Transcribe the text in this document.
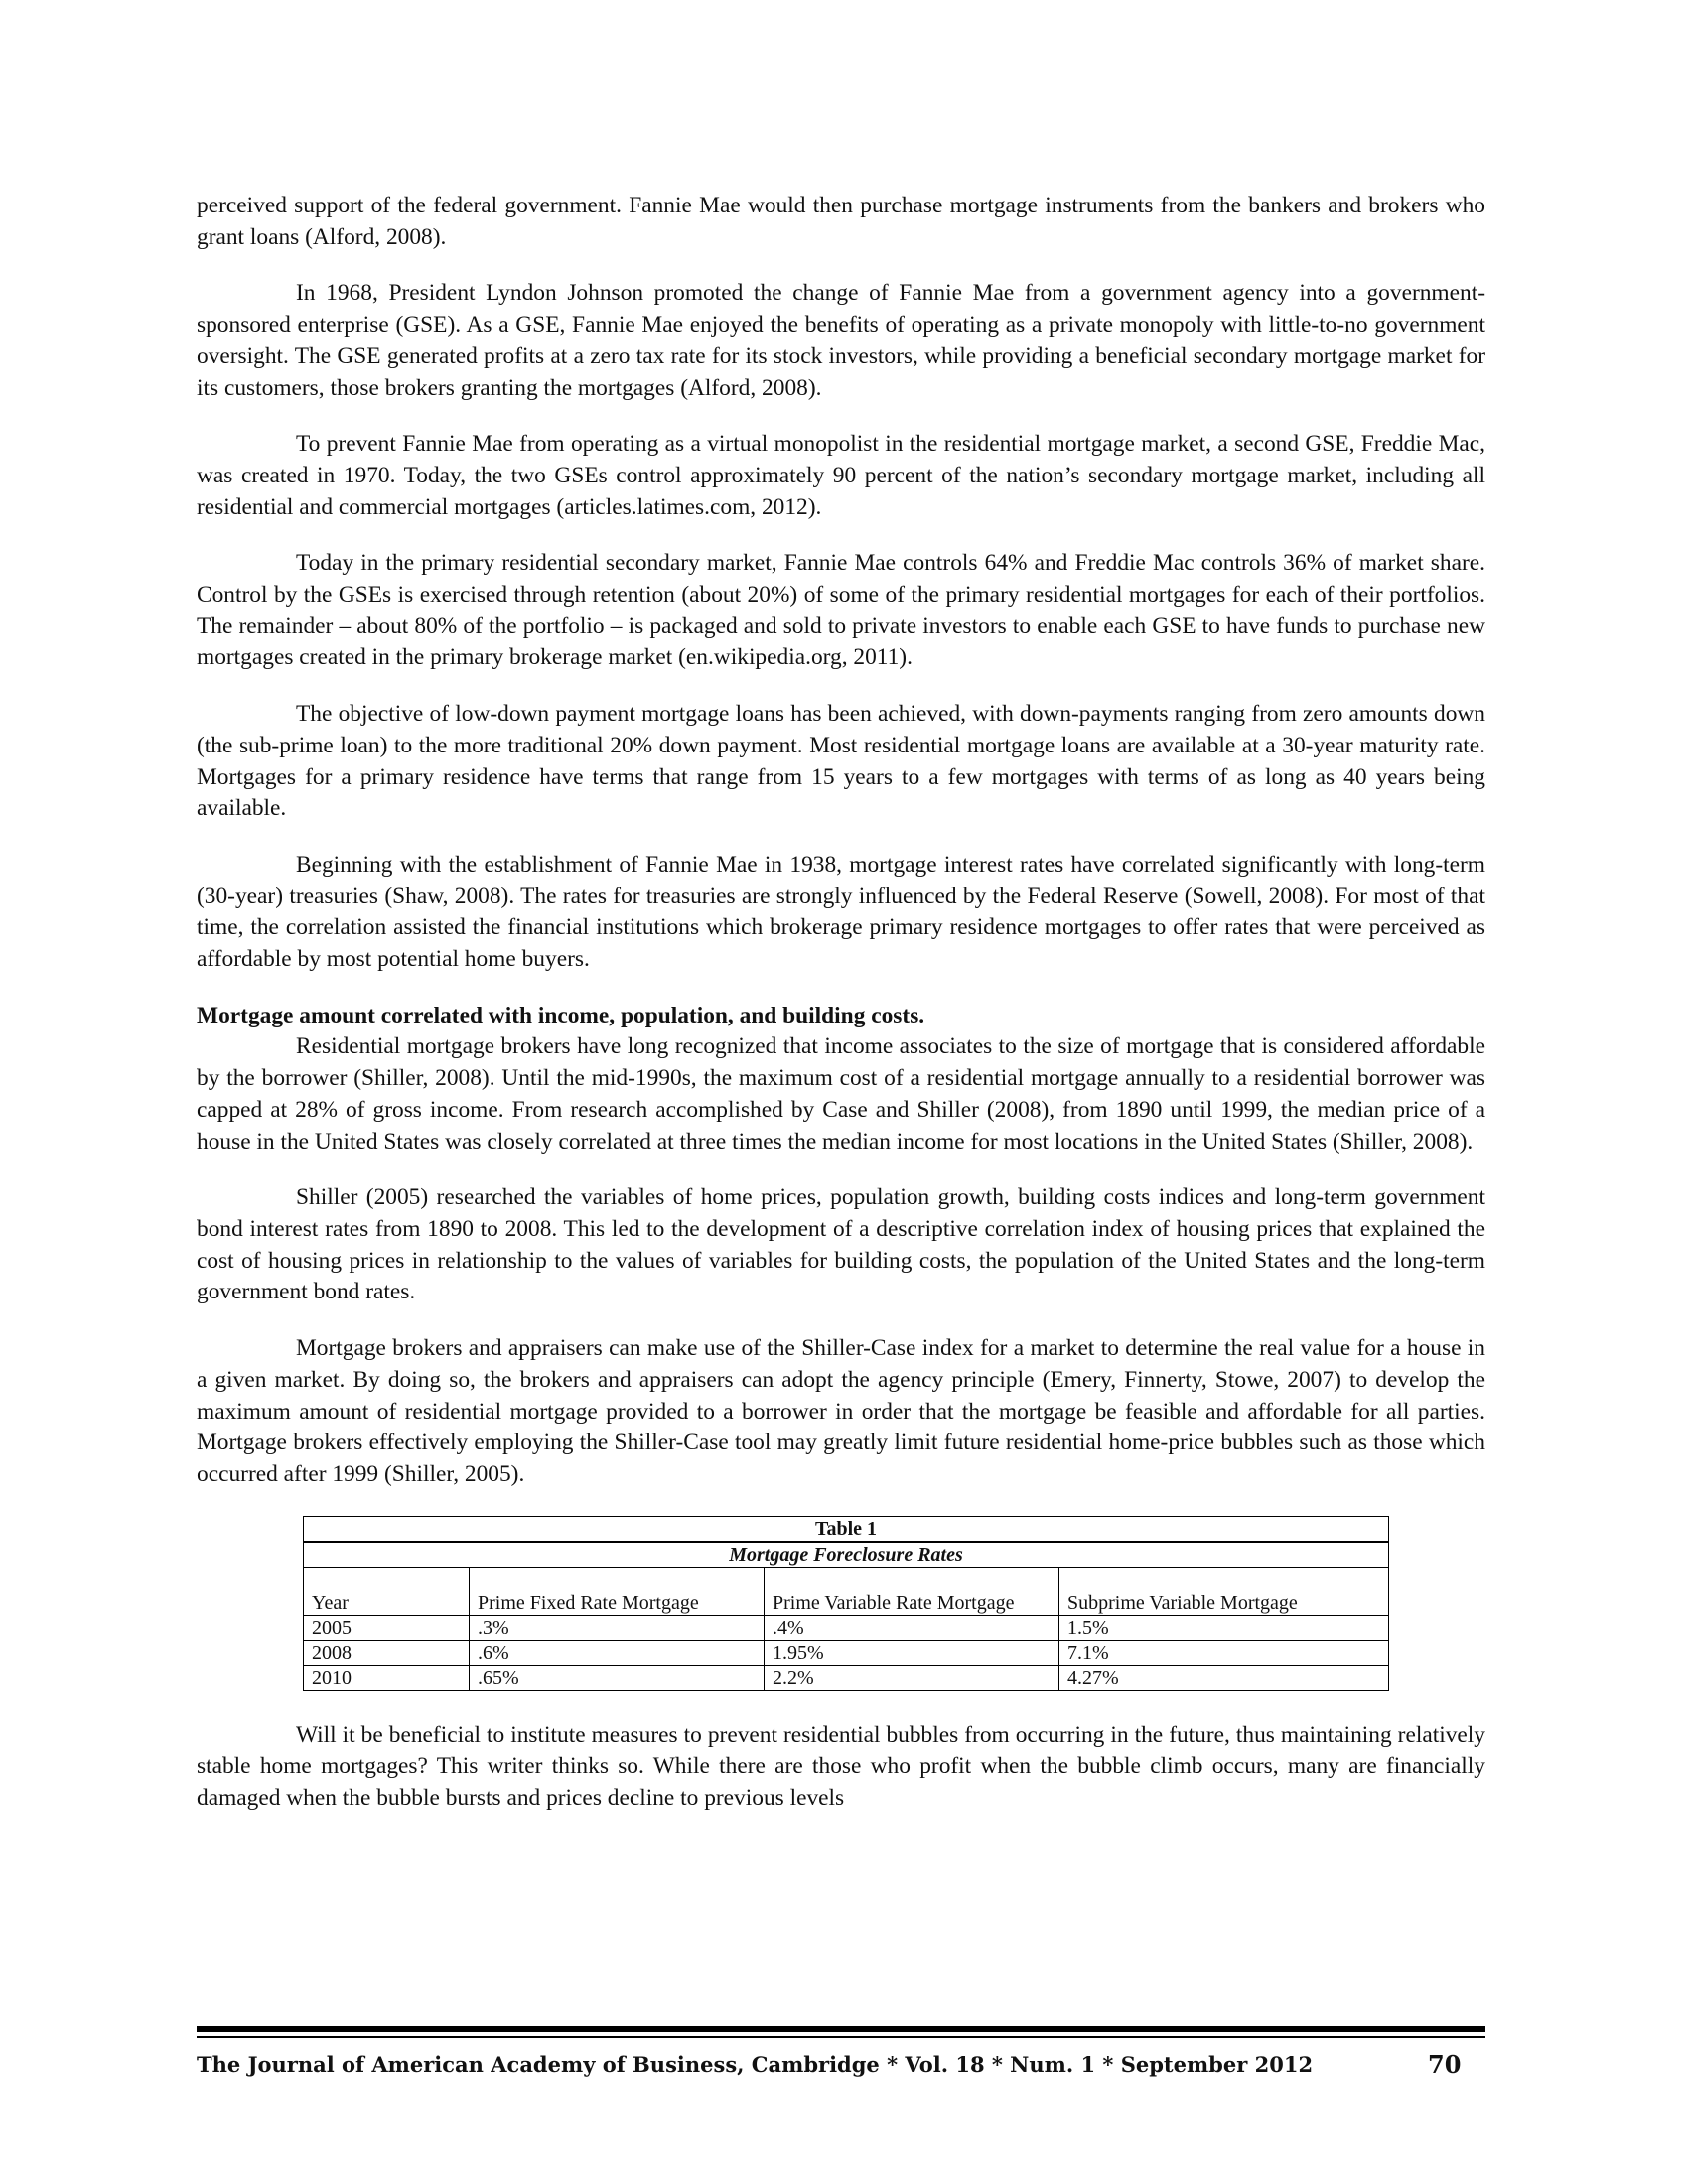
perceived support of the federal government. Fannie Mae would then purchase mortgage instruments from the bankers and brokers who grant loans (Alford, 2008).

In 1968, President Lyndon Johnson promoted the change of Fannie Mae from a government agency into a government-sponsored enterprise (GSE). As a GSE, Fannie Mae enjoyed the benefits of operating as a private monopoly with little-to-no government oversight. The GSE generated profits at a zero tax rate for its stock investors, while providing a beneficial secondary mortgage market for its customers, those brokers granting the mortgages (Alford, 2008).

To prevent Fannie Mae from operating as a virtual monopolist in the residential mortgage market, a second GSE, Freddie Mac, was created in 1970. Today, the two GSEs control approximately 90 percent of the nation’s secondary mortgage market, including all residential and commercial mortgages (articles.latimes.com, 2012).

Today in the primary residential secondary market, Fannie Mae controls 64% and Freddie Mac controls 36% of market share. Control by the GSEs is exercised through retention (about 20%) of some of the primary residential mortgages for each of their portfolios. The remainder – about 80% of the portfolio – is packaged and sold to private investors to enable each GSE to have funds to purchase new mortgages created in the primary brokerage market (en.wikipedia.org, 2011).

The objective of low-down payment mortgage loans has been achieved, with down-payments ranging from zero amounts down (the sub-prime loan) to the more traditional 20% down payment. Most residential mortgage loans are available at a 30-year maturity rate. Mortgages for a primary residence have terms that range from 15 years to a few mortgages with terms of as long as 40 years being available.

Beginning with the establishment of Fannie Mae in 1938, mortgage interest rates have correlated significantly with long-term (30-year) treasuries (Shaw, 2008). The rates for treasuries are strongly influenced by the Federal Reserve (Sowell, 2008). For most of that time, the correlation assisted the financial institutions which brokerage primary residence mortgages to offer rates that were perceived as affordable by most potential home buyers.

Mortgage amount correlated with income, population, and building costs.

Residential mortgage brokers have long recognized that income associates to the size of mortgage that is considered affordable by the borrower (Shiller, 2008). Until the mid-1990s, the maximum cost of a residential mortgage annually to a residential borrower was capped at 28% of gross income. From research accomplished by Case and Shiller (2008), from 1890 until 1999, the median price of a house in the United States was closely correlated at three times the median income for most locations in the United States (Shiller, 2008).

Shiller (2005) researched the variables of home prices, population growth, building costs indices and long-term government bond interest rates from 1890 to 2008. This led to the development of a descriptive correlation index of housing prices that explained the cost of housing prices in relationship to the values of variables for building costs, the population of the United States and the long-term government bond rates.

Mortgage brokers and appraisers can make use of the Shiller-Case index for a market to determine the real value for a house in a given market. By doing so, the brokers and appraisers can adopt the agency principle (Emery, Finnerty, Stowe, 2007) to develop the maximum amount of residential mortgage provided to a borrower in order that the mortgage be feasible and affordable for all parties. Mortgage brokers effectively employing the Shiller-Case tool may greatly limit future residential home-price bubbles such as those which occurred after 1999 (Shiller, 2005).

Table 1			
Mortgage Foreclosure Rates			
Year	Prime Fixed Rate Mortgage	Prime Variable Rate Mortgage	Subprime Variable Mortgage
2005	.3%	.4%	1.5%
2008	.6%	1.95%	7.1%
2010	.65%	2.2%	4.27%

Will it be beneficial to institute measures to prevent residential bubbles from occurring in the future, thus maintaining relatively stable home mortgages? This writer thinks so. While there are those who profit when the bubble climb occurs, many are financially damaged when the bubble bursts and prices decline to previous levels

The Journal of American Academy of Business, Cambridge * Vol. 18 * Num. 1 * September 2012	70
